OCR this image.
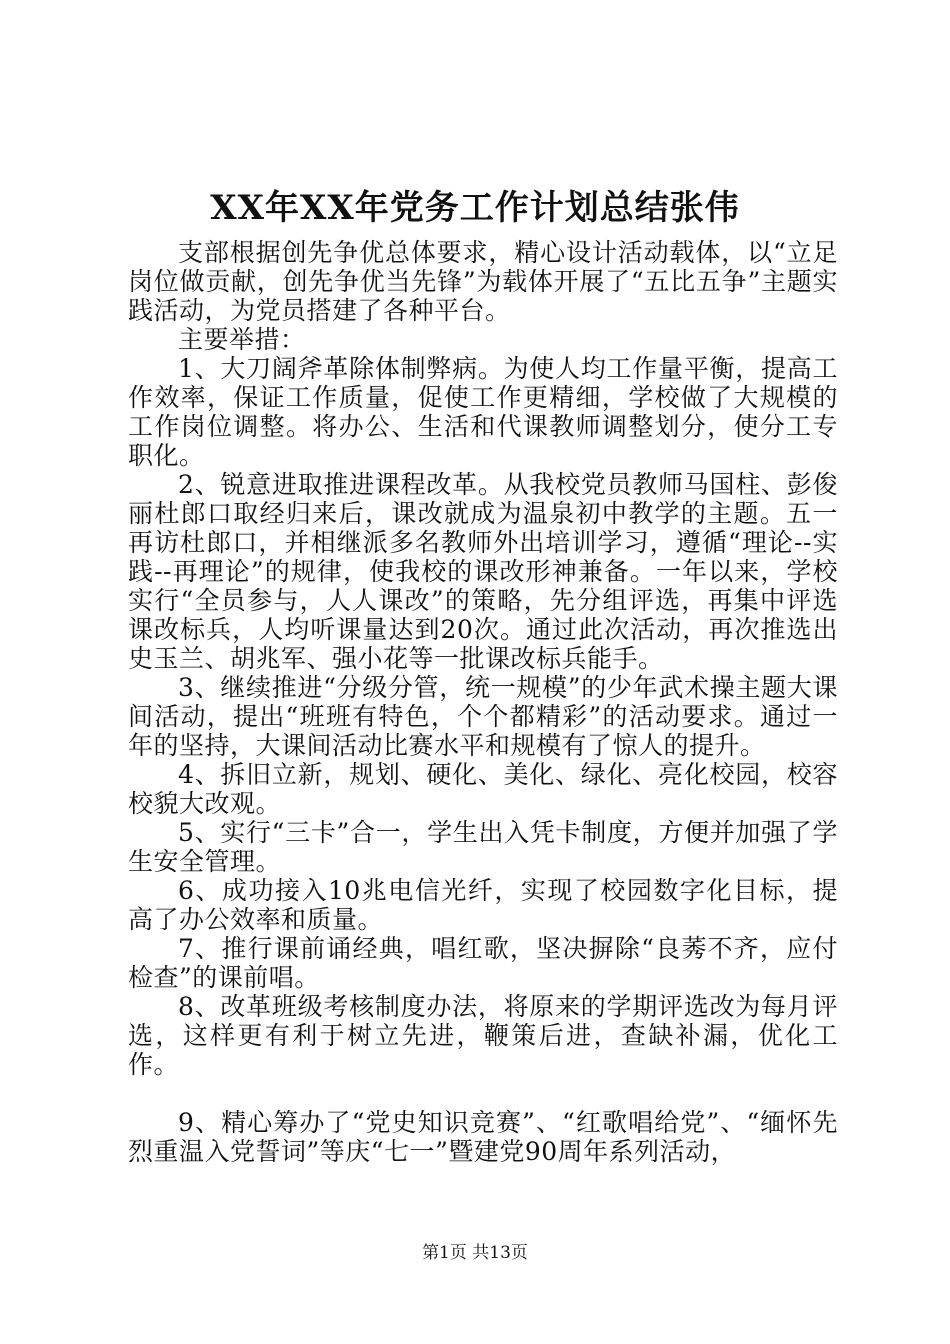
XX年XX年党务工作计划总结张伟

支部根据创先争优总体要求，精心设计活动载体，以“立足岗位做贡献，创先争优当先锋”为载体开展了“五比五争”主题实践活动，为党员搭建了各种平台。

主要举措：

1、大刀阔斧革除体制弊病。为使人均工作量平衡，提高工作效率，保证工作质量，促使工作更精细，学校做了大规模的工作岗位调整。将办公、生活和代课教师调整划分，使分工专职化。

2、锐意进取推进课程改革。从我校党员教师马国柱、彭俊丽杜郎口取经归来后，课改就成为温泉初中教学的主题。五一再访杜郎口，并相继派多名教师外出培训学习，遵循“理论--实践--再理论”的规律，使我校的课改形神兼备。一年以来，学校实行“全员参与，人人课改”的策略，先分组评选，再集中评选课改标兵，人均听课量达到20次。通过此次活动，再次推选出史玉兰、胡兆军、强小花等一批课改标兵能手。

3、继续推进“分级分管，统一规模”的少年武术操主题大课间活动，提出“班班有特色，个个都精彩”的活动要求。通过一年的坚持，大课间活动比赛水平和规模有了惊人的提升。

4、拆旧立新，规划、硬化、美化、绿化、亮化校园，校容校貌大改观。

5、实行“三卡”合一，学生出入凭卡制度，方便并加强了学生安全管理。

6、成功接入10兆电信光纤，实现了校园数字化目标，提高了办公效率和质量。

7、推行课前诵经典，唱红歌，坚决摒除“良莠不齐，应付检查”的课前唱。

8、改革班级考核制度办法，将原来的学期评选改为每月评选，这样更有利于树立先进，鞭策后进，查缺补漏，优化工作。

9、精心筹办了“党史知识竞赛”、“红歌唱给党”、“缅怀先烈重温入党誓词”等庆“七一”暨建党90周年系列活动，

第1页 共13页
